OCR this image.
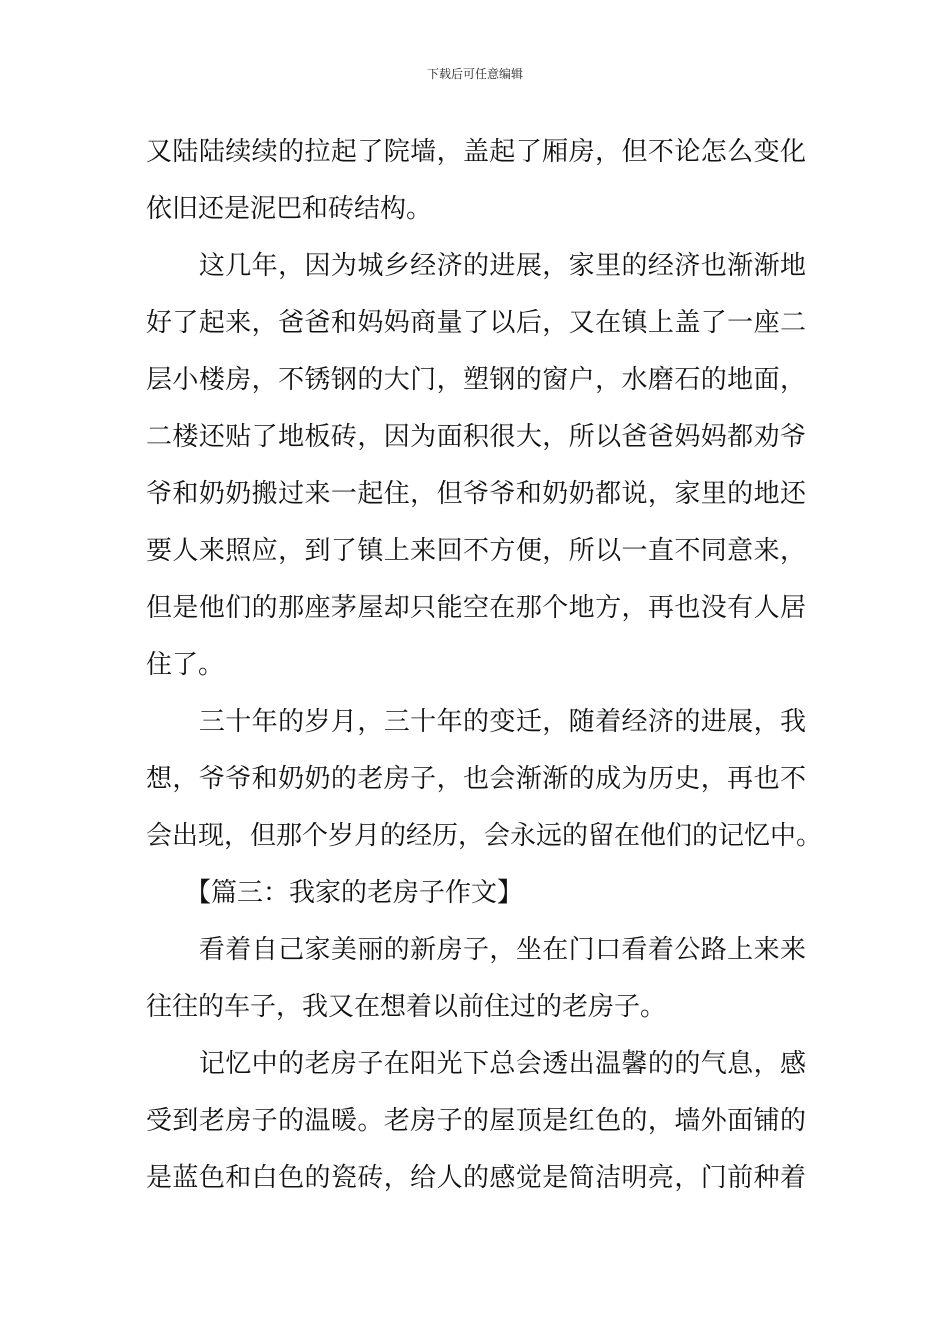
下载后可任意编辑
又陆陆续续的拉起了院墙，盖起了厢房，但不论怎么变化
依旧还是泥巴和砖结构。
　　这几年，因为城乡经济的进展，家里的经济也渐渐地
好了起来，爸爸和妈妈商量了以后，又在镇上盖了一座二
层小楼房，不锈钢的大门，塑钢的窗户，水磨石的地面，
二楼还贴了地板砖，因为面积很大，所以爸爸妈妈都劝爷
爷和奶奶搬过来一起住，但爷爷和奶奶都说，家里的地还
要人来照应，到了镇上来回不方便，所以一直不同意来，
但是他们的那座茅屋却只能空在那个地方，再也没有人居
住了。
　　三十年的岁月，三十年的变迁，随着经济的进展，我
想，爷爷和奶奶的老房子，也会渐渐的成为历史，再也不
会出现，但那个岁月的经历，会永远的留在他们的记忆中。
　　【篇三：我家的老房子作文】
　　看着自己家美丽的新房子，坐在门口看着公路上来来
往往的车子，我又在想着以前住过的老房子。
　　记忆中的老房子在阳光下总会透出温馨的的气息，感
受到老房子的温暖。老房子的屋顶是红色的，墙外面铺的
是蓝色和白色的瓷砖，给人的感觉是简洁明亮，门前种着
